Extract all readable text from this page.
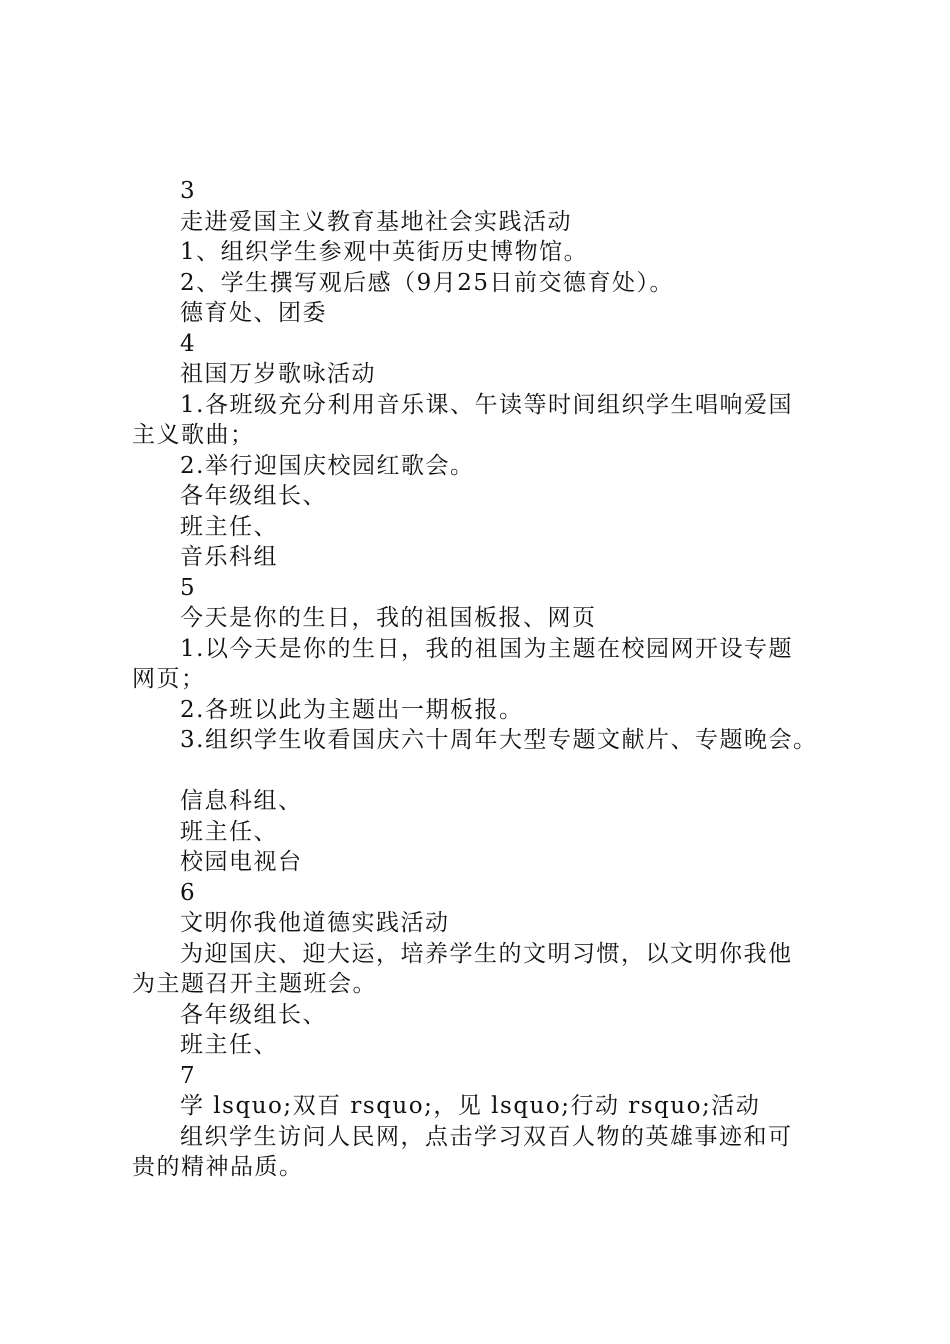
3
走进爱国主义教育基地社会实践活动
1、组织学生参观中英街历史博物馆。
2、学生撰写观后感（9月25日前交德育处）。
德育处、团委
4
祖国万岁歌咏活动
1.各班级充分利用音乐课、午读等时间组织学生唱响爱国
主义歌曲；
2.举行迎国庆校园红歌会。
各年级组长、
班主任、
音乐科组
5
今天是你的生日，我的祖国板报、网页
1.以今天是你的生日，我的祖国为主题在校园网开设专题
网页；
2.各班以此为主题出一期板报。
3.组织学生收看国庆六十周年大型专题文献片、专题晚会。
信息科组、
班主任、
校园电视台
6
文明你我他道德实践活动
为迎国庆、迎大运，培养学生的文明习惯，以文明你我他
为主题召开主题班会。
各年级组长、
班主任、
7
学 lsquo;双百 rsquo;，见 lsquo;行动 rsquo;活动
组织学生访问人民网，点击学习双百人物的英雄事迹和可
贵的精神品质。
